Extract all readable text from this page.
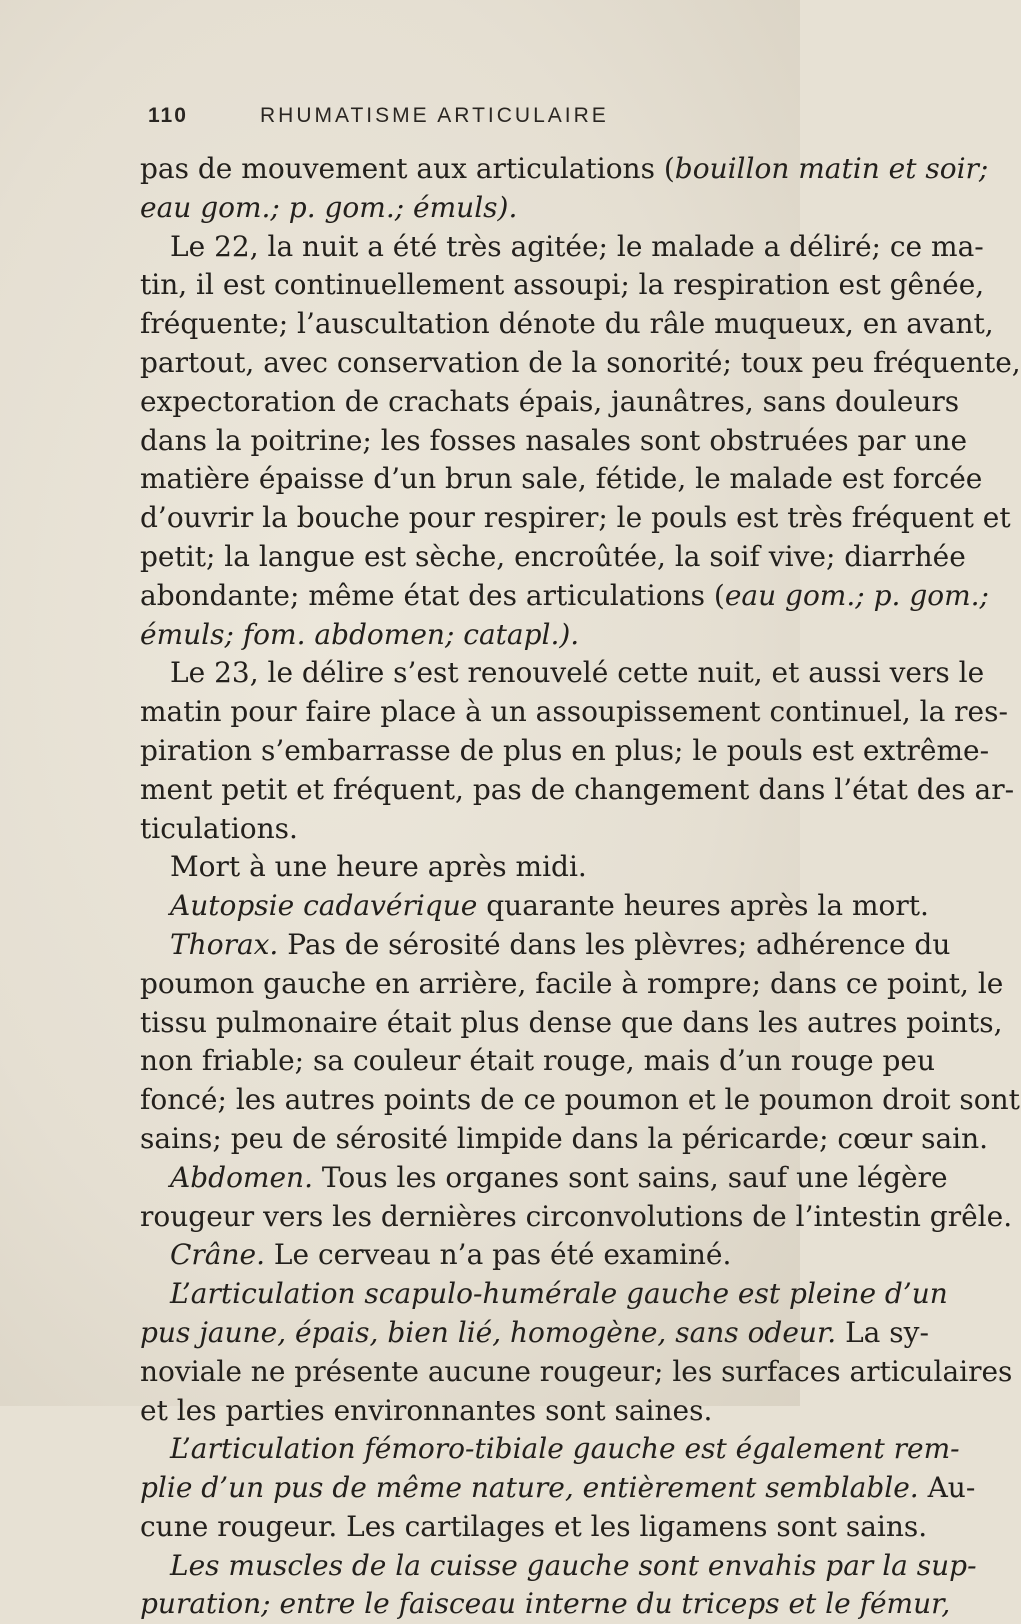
110	RHUMATISME ARTICULAIRE
pas de mouvement aux articulations (bouillon matin et soir;
eau gom.; p. gom.; émuls).
Le 22, la nuit a été très agitée; le malade a déliré; ce ma-
tin, il est continuellement assoupi; la respiration est gênée,
fréquente; l’auscultation dénote du râle muqueux, en avant,
partout, avec conservation de la sonorité; toux peu fréquente,
expectoration de crachats épais, jaunâtres, sans douleurs
dans la poitrine; les fosses nasales sont obstruées par une
matière épaisse d’un brun sale, fétide, le malade est forcée
d’ouvrir la bouche pour respirer; le pouls est très fréquent et
petit; la langue est sèche, encroûtée, la soif vive; diarrhée
abondante; même état des articulations (eau gom.; p. gom.;
émuls; fom. abdomen; catapl.).
Le 23, le délire s’est renouvelé cette nuit, et aussi vers le
matin pour faire place à un assoupissement continuel, la res-
piration s’embarrasse de plus en plus; le pouls est extrême-
ment petit et fréquent, pas de changement dans l’état des ar-
ticulations.
Mort à une heure après midi.
Autopsie cadavérique quarante heures après la mort.
Thorax. Pas de sérosité dans les plèvres; adhérence du
poumon gauche en arrière, facile à rompre; dans ce point, le
tissu pulmonaire était plus dense que dans les autres points,
non friable; sa couleur était rouge, mais d’un rouge peu
foncé; les autres points de ce poumon et le poumon droit sont
sains; peu de sérosité limpide dans la péricarde; cœur sain.
Abdomen. Tous les organes sont sains, sauf une légère
rougeur vers les dernières circonvolutions de l’intestin grêle.
Crâne. Le cerveau n’a pas été examiné.
L’articulation scapulo-humérale gauche est pleine d’un
pus jaune, épais, bien lié, homogène, sans odeur. La sy-
noviale ne présente aucune rougeur; les surfaces articulaires
et les parties environnantes sont saines.
L’articulation fémoro-tibiale gauche est également rem-
plie d’un pus de même nature, entièrement semblable. Au-
cune rougeur. Les cartilages et les ligamens sont sains.
Les muscles de la cuisse gauche sont envahis par la sup-
puration; entre le faisceau interne du triceps et le fémur,
